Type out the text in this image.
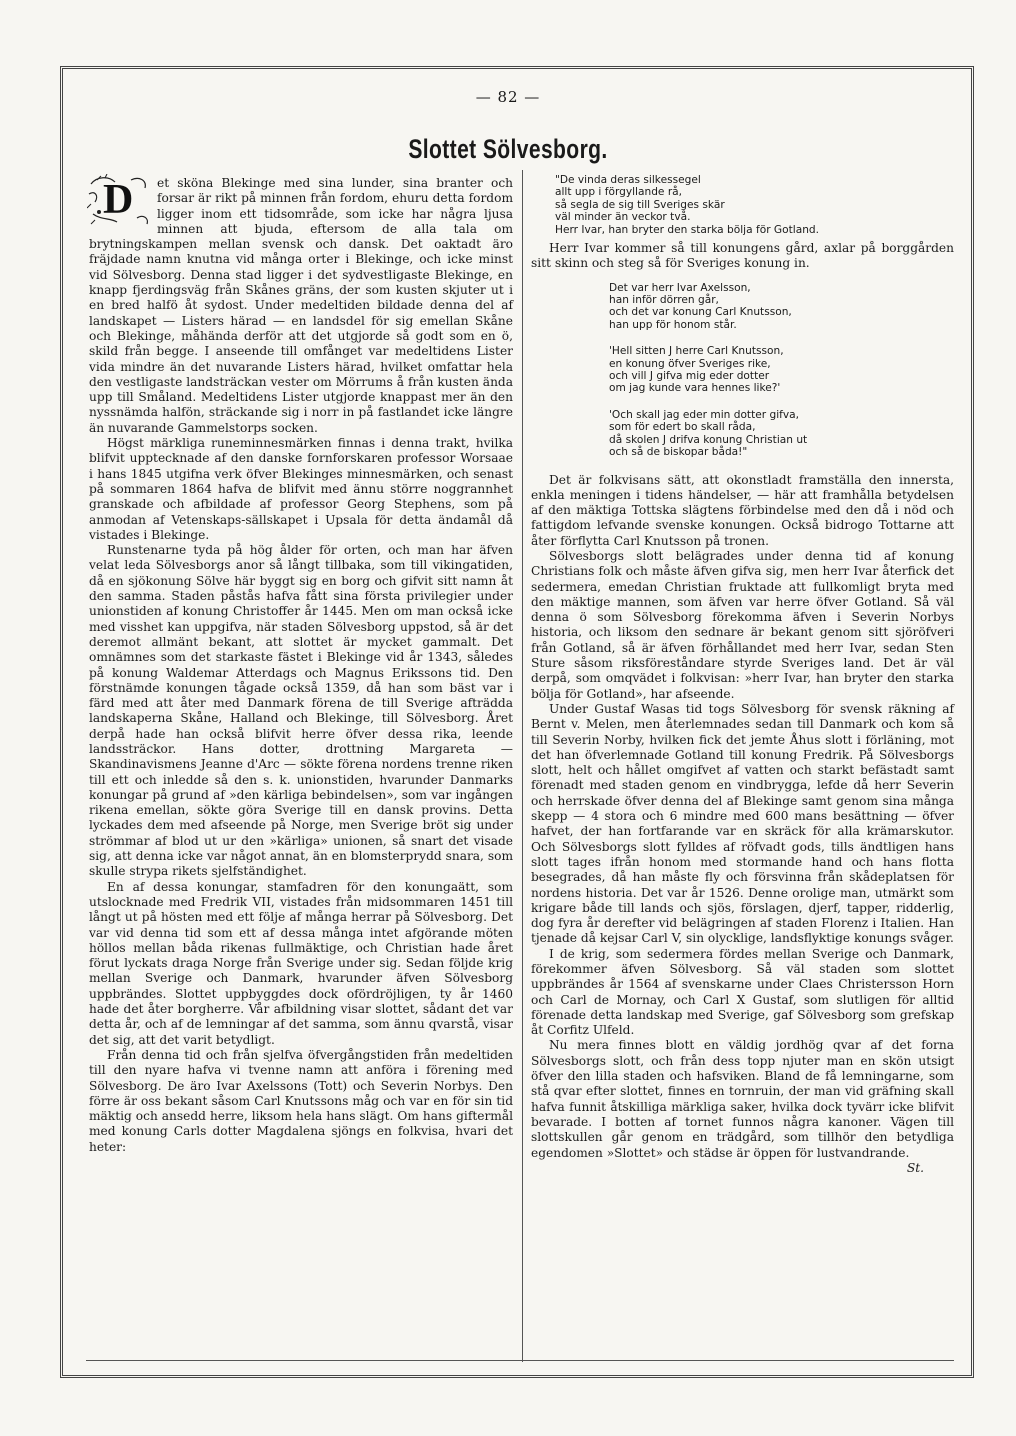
— 82 —
Slottet Sölvesborg.
D	et sköna Blekinge med sina lunder, sina branter och forsar är rikt på minnen från fordom, ehuru detta fordom ligger inom ett tidsområde, som icke har några ljusa minnen att bjuda, eftersom de alla tala om brytningskampen mellan svensk och dansk. Det oaktadt äro fräjdade namn knutna vid många orter i Blekinge, och icke minst vid Sölvesborg. Denna stad ligger i det sydvestligaste Blekinge, en knapp fjerdingsväg från Skånes gräns, der som kusten skjuter ut i en bred halfö åt sydost. Under medeltiden bildade denna del af landskapet — Listers härad — en landsdel för sig emellan Skåne och Blekinge, måhända derför att det utgjorde så godt som en ö, skild från begge. I anseende till omfånget var medeltidens Lister vida mindre än det nuvarande Listers härad, hvilket omfattar hela den vestligaste landsträckan vester om Mörrums å från kusten ända upp till Småland. Medeltidens Lister utgjorde knappast mer än den nyssnämda halfön, sträckande sig i norr in på fastlandet icke längre än nuvarande Gammelstorps socken.

Högst märkliga runeminnesmärken finnas i denna trakt, hvilka blifvit upptecknade af den danske fornforskaren professor Worsaae i hans 1845 utgifna verk öfver Blekinges minnesmärken, och senast på sommaren 1864 hafva de blifvit med ännu större noggrannhet granskade och afbildade af professor Georg Stephens, som på anmodan af Vetenskaps-sällskapet i Upsala för detta ändamål då vistades i Blekinge.

Runstenarne tyda på hög ålder för orten, och man har äfven velat leda Sölvesborgs anor så långt tillbaka, som till vikingatiden, då en sjökonung Sölve här byggt sig en borg och gifvit sitt namn åt den samma. Staden påstås hafva fått sina första privilegier under unionstiden af konung Christoffer år 1445. Men om man också icke med visshet kan uppgifva, när staden Sölvesborg uppstod, så är det deremot allmänt bekant, att slottet är mycket gammalt. Det omnämnes som det starkaste fästet i Blekinge vid år 1343, således på konung Waldemar Atterdags och Magnus Erikssons tid. Den förstnämde konungen tågade också 1359, då han som bäst var i färd med att åter med Danmark förena de till Sverige afträdda landskaperna Skåne, Halland och Blekinge, till Sölvesborg. Året derpå hade han också blifvit herre öfver dessa rika, leende landssträckor. Hans dotter, drottning Margareta — Skandinavismens Jeanne d'Arc — sökte förena nordens trenne riken till ett och inledde så den s. k. unionstiden, hvarunder Danmarks konungar på grund af »den kärliga bebindelsen», som var ingången rikena emellan, sökte göra Sverige till en dansk provins. Detta lyckades dem med afseende på Norge, men Sverige bröt sig under strömmar af blod ut ur den »kärliga» unionen, så snart det visade sig, att denna icke var något annat, än en blomsterprydd snara, som skulle strypa rikets sjelfständighet.

En af dessa konungar, stamfadren för den konungaätt, som utslocknade med Fredrik VII, vistades från midsommaren 1451 till långt ut på hösten med ett följe af många herrar på Sölvesborg. Det var vid denna tid som ett af dessa många intet afgörande möten höllos mellan båda rikenas fullmäktige, och Christian hade året förut lyckats draga Norge från Sverige under sig. Sedan följde krig mellan Sverige och Danmark, hvarunder äfven Sölvesborg uppbrändes. Slottet uppbyggdes dock ofördröjligen, ty år 1460 hade det åter borgherre. Vår afbildning visar slottet, sådant det var detta år, och af de lemningar af det samma, som ännu qvarstå, visar det sig, att det varit betydligt.

Från denna tid och från sjelfva öfvergångstiden från medeltiden till den nyare hafva vi tvenne namn att anföra i förening med Sölvesborg. De äro Ivar Axelssons (Tott) och Severin Norbys. Den förre är oss bekant såsom Carl Knutssons måg och var en för sin tid mäktig och ansedd herre, liksom hela hans slägt. Om hans giftermål med konung Carls dotter Magdalena sjöngs en folkvisa, hvari det heter:

"De vinda deras silkessegel
allt upp i förgyllande rå,
så segla de sig till Sveriges skär
väl minder än veckor två.
Herr Ivar, han bryter den starka bölja för Gotland.

Herr Ivar kommer så till konungens gård, axlar på borggården sitt skinn och steg så för Sveriges konung in.

Det var herr Ivar Axelsson,
han inför dörren går,
och det var konung Carl Knutsson,
han upp för honom står.
'Hell sitten J herre Carl Knutsson,
en konung öfver Sveriges rike,
och vill J gifva mig eder dotter
om jag kunde vara hennes like?'
'Och skall jag eder min dotter gifva,
som för edert bo skall råda,
då skolen J drifva konung Christian ut
och så de biskopar båda!"

Det är folkvisans sätt, att okonstladt framställa den innersta, enkla meningen i tidens händelser, — här att framhålla betydelsen af den mäktiga Tottska slägtens förbindelse med den då i nöd och fattigdom lefvande svenske konungen. Också bidrogo Tottarne att åter förflytta Carl Knutsson på tronen.

Sölvesborgs slott belägrades under denna tid af konung Christians folk och måste äfven gifva sig, men herr Ivar återfick det sedermera, emedan Christian fruktade att fullkomligt bryta med den mäktige mannen, som äfven var herre öfver Gotland. Så väl denna ö som Sölvesborg förekomma äfven i Severin Norbys historia, och liksom den sednare är bekant genom sitt sjöröfveri från Gotland, så är äfven förhållandet med herr Ivar, sedan Sten Sture såsom riksföreståndare styrde Sveriges land. Det är väl derpå, som omqvädet i folkvisan: »herr Ivar, han bryter den starka bölja för Gotland», har afseende.

Under Gustaf Wasas tid togs Sölvesborg för svensk räkning af Bernt v. Melen, men återlemnades sedan till Danmark och kom så till Severin Norby, hvilken fick det jemte Åhus slott i förläning, mot det han öfverlemnade Gotland till konung Fredrik. På Sölvesborgs slott, helt och hållet omgifvet af vatten och starkt befästadt samt förenadt med staden genom en vindbrygga, lefde då herr Severin och herrskade öfver denna del af Blekinge samt genom sina många skepp — 4 stora och 6 mindre med 600 mans besättning — öfver hafvet, der han fortfarande var en skräck för alla krämarskutor. Och Sölvesborgs slott fylldes af röfvadt gods, tills ändtligen hans slott tages ifrån honom med stormande hand och hans flotta besegrades, då han måste fly och försvinna från skådeplatsen för nordens historia. Det var år 1526. Denne orolige man, utmärkt som krigare både till lands och sjös, förslagen, djerf, tapper, ridderlig, dog fyra år derefter vid belägringen af staden Florenz i Italien. Han tjenade då kejsar Carl V, sin olycklige, landsflyktige konungs svåger.

I de krig, som sedermera fördes mellan Sverige och Danmark, förekommer äfven Sölvesborg. Så väl staden som slottet uppbrändes år 1564 af svenskarne under Claes Christersson Horn och Carl de Mornay, och Carl X Gustaf, som slutligen för alltid förenade detta landskap med Sverige, gaf Sölvesborg som grefskap åt Corfitz Ulfeld.

Nu mera finnes blott en väldig jordhög qvar af det forna Sölvesborgs slott, och från dess topp njuter man en skön utsigt öfver den lilla staden och hafsviken. Bland de få lemningarne, som stå qvar efter slottet, finnes en tornruin, der man vid gräfning skall hafva funnit åtskilliga märkliga saker, hvilka dock tyvärr icke blifvit bevarade. I botten af tornet funnos några kanoner. Vägen till slottskullen går genom en trädgård, som tillhör den betydliga egendomen »Slottet» och städse är öppen för lustvandrande.
St.
